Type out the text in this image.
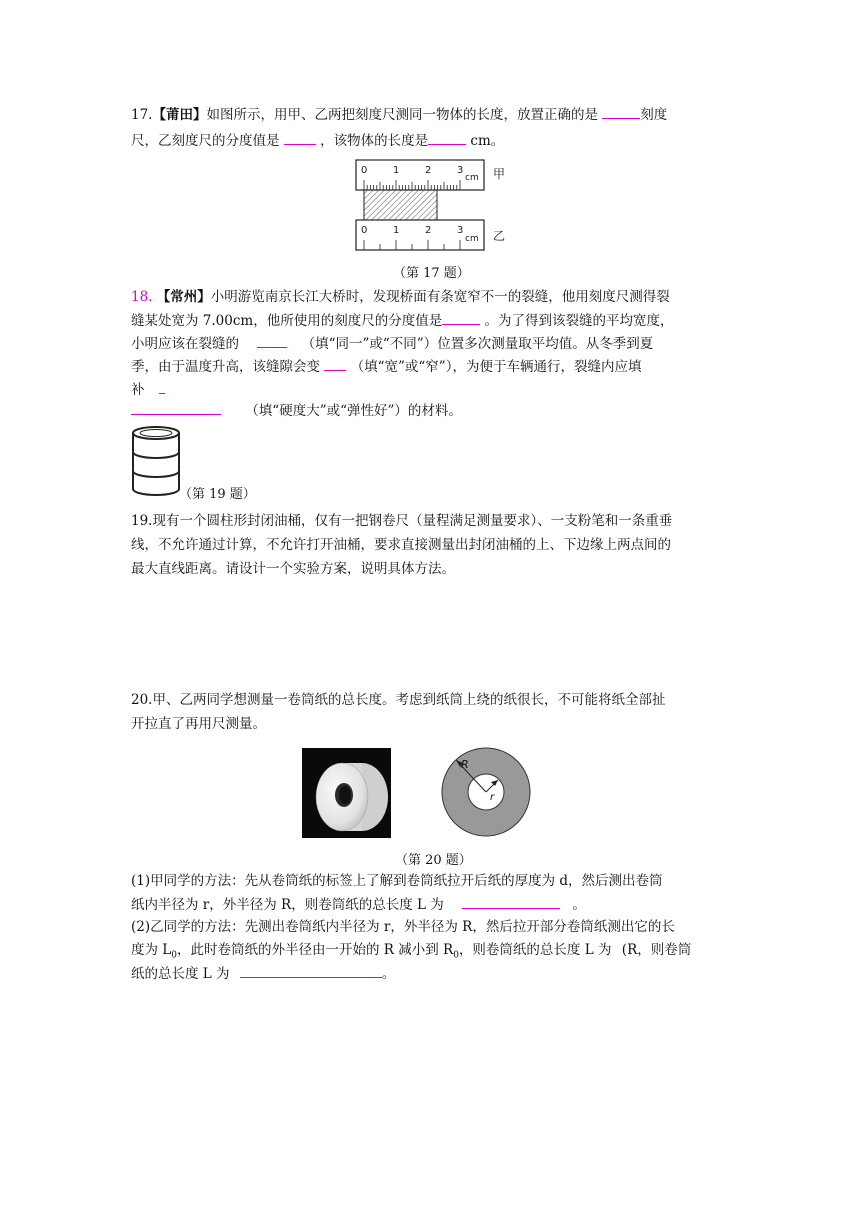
17.【莆田】如图所示，用甲、乙两把刻度尺测同一物体的长度，放置正确的是	刻度
尺，乙刻度尺的分度值是	，该物体的长度是	cm。
0	1	2	3
cm 甲
0	1	2	3
cm 乙
（第 17 题）
18. 【常州】小明游览南京长江大桥时，发现桥面有条宽窄不一的裂缝，他用刻度尺测得裂
缝某处宽为 7.00cm，他所使用的刻度尺的分度值是	。为了得到该裂缝的平均宽度，
小明应该在裂缝的	（填“同一”或“不同”）位置多次测量取平均值。从冬季到夏
季，由于温度升高，该缝隙会变 （填“宽”或“窄”），为便于车辆通行，裂缝内应填
补
（填“硬度大”或“弹性好”）的材料。
（第 19 题）
19.现有一个圆柱形封闭油桶，仅有一把钢卷尺（量程满足测量要求）、一支粉笔和一条重垂
线，不允许通过计算，不允许打开油桶，要求直接测量出封闭油桶的上、下边缘上两点间的
最大直线距离。请设计一个实验方案，说明具体方法。
20.甲、乙两同学想测量一卷筒纸的总长度。考虑到纸筒上绕的纸很长，不可能将纸全部扯
开拉直了再用尺测量。
R
r
（第 20 题）
(1)甲同学的方法：先从卷筒纸的标签上了解到卷筒纸拉开后纸的厚度为 d，然后测出卷筒
纸内半径为 r，外半径为 R，则卷筒纸的总长度 L 为	。
(2)乙同学的方法：先测出卷筒纸内半径为 r，外半径为 R，然后拉开部分卷筒纸测出它的长
度为 $L_0$，此时卷筒纸的外半径由一开始的 R 减小到 $R_0$，则卷筒纸的总长度 L 为 (R，则卷筒
纸的总长度 L 为	。
